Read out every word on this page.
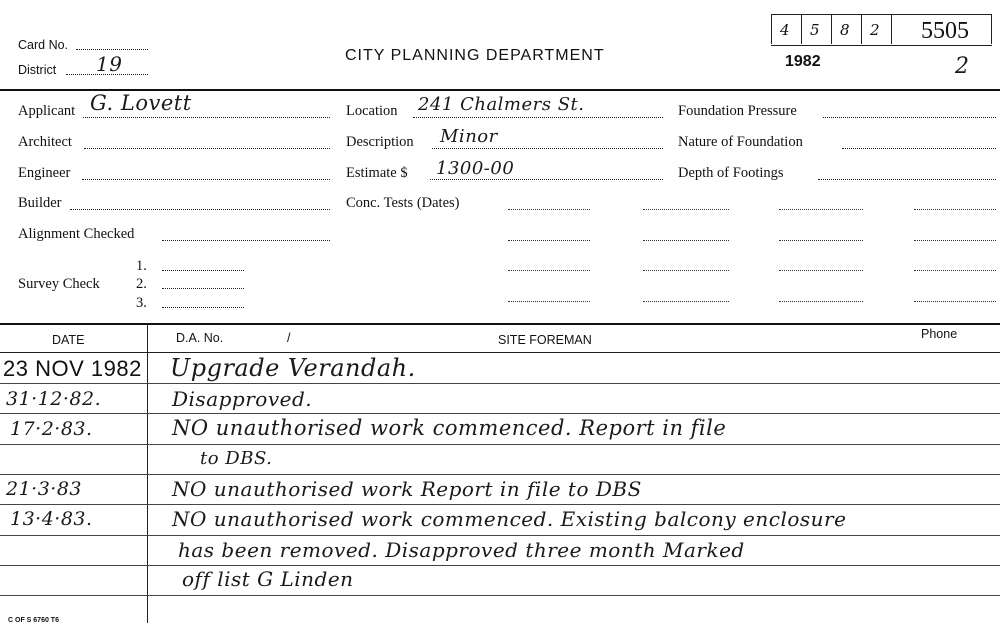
Card No.
District 19	CITY PLANNING DEPARTMENT	1982
4 5 8 2 5505
2
Applicant G. Lovett
Architect
Engineer
Builder
Alignment Checked
Survey Check
1.
2.
3.
Location 241 Chalmers St.
Description Minor
Estimate $ 1300-00
Conc. Tests (Dates)
Foundation Pressure
Nature of Foundation
Depth of Footings
DATE	D.A. No.	/	SITE FOREMAN	Phone
23 NOV 1982 Upgrade Verandah.
31·12·82.	Disapproved.
17·2·83.	NO unauthorised work commenced. Report in file
to DBS.
21·3·83	NO unauthorised work Report in file to DBS
13·4·83.	NO unauthorised work commenced. Existing balcony enclosure
has been removed. Disapproved three month Marked
off list G Linden
C OF S 6760 T6
